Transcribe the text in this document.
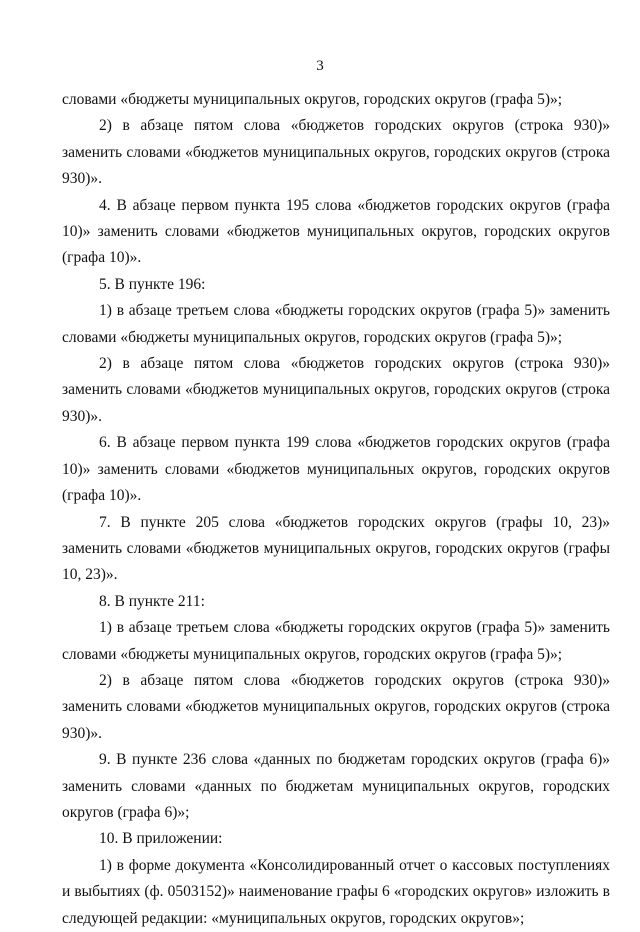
3

словами «бюджеты муниципальных округов, городских округов (графа 5)»;

2) в абзаце пятом слова «бюджетов городских округов (строка 930)» заменить словами «бюджетов муниципальных округов, городских округов (строка 930)».

4. В абзаце первом пункта 195 слова «бюджетов городских округов (графа 10)» заменить словами «бюджетов муниципальных округов, городских округов (графа 10)».

5. В пункте 196:

1) в абзаце третьем слова «бюджеты городских округов (графа 5)» заменить словами «бюджеты муниципальных округов, городских округов (графа 5)»;

2) в абзаце пятом слова «бюджетов городских округов (строка 930)» заменить словами «бюджетов муниципальных округов, городских округов (строка 930)».

6. В абзаце первом пункта 199 слова «бюджетов городских округов (графа 10)» заменить словами «бюджетов муниципальных округов, городских округов (графа 10)».

7. В пункте 205 слова «бюджетов городских округов (графы 10, 23)» заменить словами «бюджетов муниципальных округов, городских округов (графы 10, 23)».

8. В пункте 211:

1) в абзаце третьем слова «бюджеты городских округов (графа 5)» заменить словами «бюджеты муниципальных округов, городских округов (графа 5)»;

2) в абзаце пятом слова «бюджетов городских округов (строка 930)» заменить словами «бюджетов муниципальных округов, городских округов (строка 930)».

9. В пункте 236 слова «данных по бюджетам городских округов (графа 6)» заменить словами «данных по бюджетам муниципальных округов, городских округов (графа 6)»;

10. В приложении:

1) в форме документа «Консолидированный отчет о кассовых поступлениях и выбытиях (ф. 0503152)» наименование графы 6 «городских округов» изложить в следующей редакции: «муниципальных округов, городских округов»;
